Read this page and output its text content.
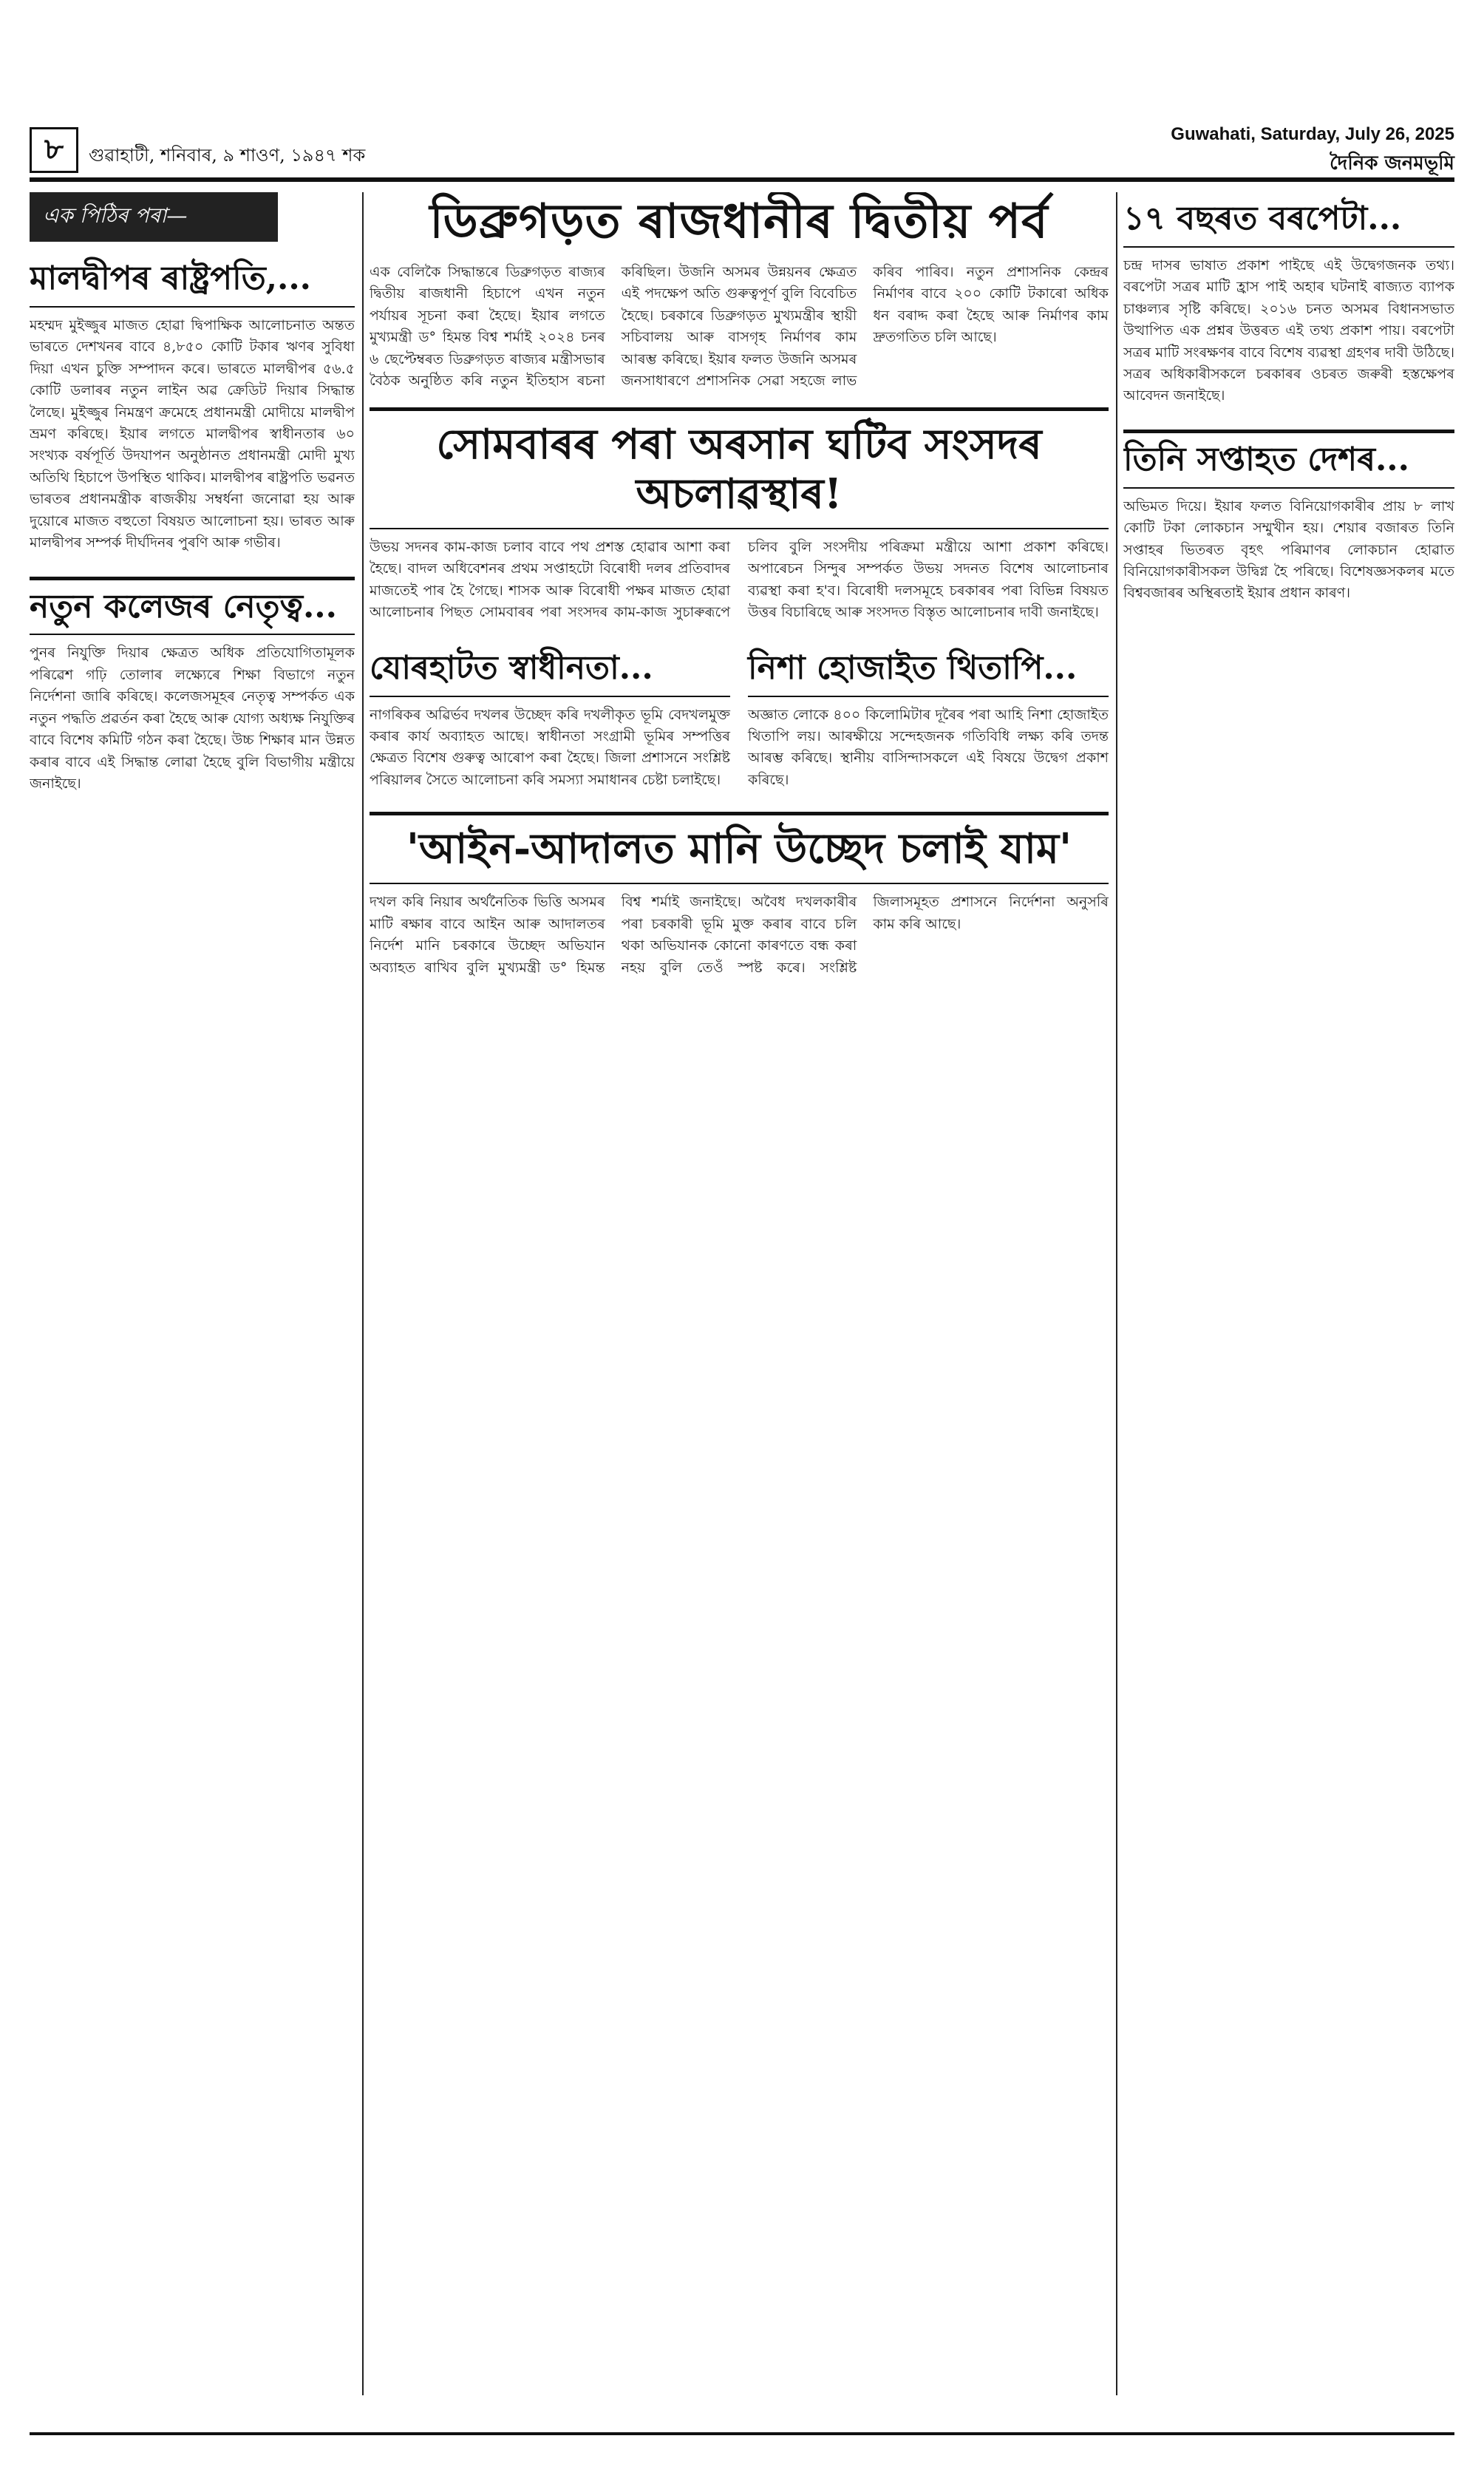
৮	গুৱাহাটী, শনিবাৰ, ৯ শাওণ, ১৯৪৭ শক
Guwahati, Saturday, July 26, 2025
দৈনিক জনমভূমি
এক পিঠিৰ পৰা—
মালদ্বীপৰ ৰাষ্ট্ৰপতি,...

মহম্মদ মুইজ্জুৰ মাজত হোৱা দ্বিপাক্ষিক আলোচনাত অন্তত ভাৰতে দেশখনৰ বাবে ৪,৮৫০ কোটি টকাৰ ঋণৰ সুবিধা দিয়া এখন চুক্তি সম্পাদন কৰে। ভাৰতে মালদ্বীপৰ ৫৬.৫ কোটি ডলাৰৰ নতুন লাইন অৱ ক্ৰেডিট দিয়াৰ সিদ্ধান্ত লৈছে। মুইজ্জুৰ নিমন্ত্ৰণ ক্ৰমেহে প্ৰধানমন্ত্ৰী মোদীয়ে মালদ্বীপ ভ্ৰমণ কৰিছে। ইয়াৰ লগতে মালদ্বীপৰ স্বাধীনতাৰ ৬০ সংখ্যক বৰ্ষপূৰ্তি উদযাপন অনুষ্ঠানত প্ৰধানমন্ত্ৰী মোদী মুখ্য অতিথি হিচাপে উপস্থিত থাকিব। মালদ্বীপৰ ৰাষ্ট্ৰপতি ভৱনত ভাৰতৰ প্ৰধানমন্ত্ৰীক ৰাজকীয় সম্বৰ্ধনা জনোৱা হয় আৰু দুয়োৰে মাজত বহুতো বিষয়ত আলোচনা হয়। ভাৰত আৰু মালদ্বীপৰ সম্পৰ্ক দীৰ্ঘদিনৰ পুৰণি আৰু গভীৰ।

নতুন কলেজৰ নেতৃত্ব...

পুনৰ নিযুক্তি দিয়াৰ ক্ষেত্ৰত অধিক প্ৰতিযোগিতামূলক পৰিৱেশ গঢ়ি তোলাৰ লক্ষ্যেৰে শিক্ষা বিভাগে নতুন নিৰ্দেশনা জাৰি কৰিছে। কলেজসমূহৰ নেতৃত্ব সম্পৰ্কত এক নতুন পদ্ধতি প্ৰৱৰ্তন কৰা হৈছে আৰু যোগ্য অধ্যক্ষ নিযুক্তিৰ বাবে বিশেষ কমিটি গঠন কৰা হৈছে। উচ্চ শিক্ষাৰ মান উন্নত কৰাৰ বাবে এই সিদ্ধান্ত লোৱা হৈছে বুলি বিভাগীয় মন্ত্ৰীয়ে জনাইছে।

ডিব্ৰুগড়ত ৰাজধানীৰ দ্বিতীয় পৰ্ব

এক বেলিকৈ সিদ্ধান্তৰে ডিব্ৰুগড়ত ৰাজ্যৰ দ্বিতীয় ৰাজধানী হিচাপে এখন নতুন পৰ্যায়ৰ সূচনা কৰা হৈছে। ইয়াৰ লগতে মুখ্যমন্ত্ৰী ড° হিমন্ত বিশ্ব শৰ্মাই ২০২৪ চনৰ ৬ ছেপ্টেম্বৰত ডিব্ৰুগড়ত ৰাজ্যৰ মন্ত্ৰীসভাৰ বৈঠক অনুষ্ঠিত কৰি নতুন ইতিহাস ৰচনা কৰিছিল। উজনি অসমৰ উন্নয়নৰ ক্ষেত্ৰত এই পদক্ষেপ অতি গুৰুত্বপূৰ্ণ বুলি বিবেচিত হৈছে। চৰকাৰে ডিব্ৰুগড়ত মুখ্যমন্ত্ৰীৰ স্থায়ী সচিবালয় আৰু বাসগৃহ নিৰ্মাণৰ কাম আৰম্ভ কৰিছে। ইয়াৰ ফলত উজনি অসমৰ জনসাধাৰণে প্ৰশাসনিক সেৱা সহজে লাভ কৰিব পাৰিব। নতুন প্ৰশাসনিক কেন্দ্ৰৰ নিৰ্মাণৰ বাবে ২০০ কোটি টকাৰো অধিক ধন বৰাদ্দ কৰা হৈছে আৰু নিৰ্মাণৰ কাম দ্ৰুতগতিত চলি আছে।

সোমবাৰৰ পৰা অৰসান ঘটিব সংসদৰ অচলাৱস্থাৰ!

উভয় সদনৰ কাম-কাজ চলাব বাবে পথ প্ৰশস্ত হোৱাৰ আশা কৰা হৈছে। বাদল অধিবেশনৰ প্ৰথম সপ্তাহটো বিৰোধী দলৰ প্ৰতিবাদৰ মাজতেই পাৰ হৈ গৈছে। শাসক আৰু বিৰোধী পক্ষৰ মাজত হোৱা আলোচনাৰ পিছত সোমবাৰৰ পৰা সংসদৰ কাম-কাজ সুচাৰুৰূপে চলিব বুলি সংসদীয় পৰিক্ৰমা মন্ত্ৰীয়ে আশা প্ৰকাশ কৰিছে। অপাৰেচন সিন্দুৰ সম্পৰ্কত উভয় সদনত বিশেষ আলোচনাৰ ব্যৱস্থা কৰা হ'ব। বিৰোধী দলসমূহে চৰকাৰৰ পৰা বিভিন্ন বিষয়ত উত্তৰ বিচাৰিছে আৰু সংসদত বিস্তৃত আলোচনাৰ দাবী জনাইছে।

যোৰহাটত স্বাধীনতা...

নাগৰিকৰ অৱিৰ্ভব দখলৰ উচ্ছেদ কৰি দখলীকৃত ভূমি বেদখলমুক্ত কৰাৰ কাৰ্য অব্যাহত আছে। স্বাধীনতা সংগ্ৰামী ভূমিৰ সম্পত্তিৰ ক্ষেত্ৰত বিশেষ গুৰুত্ব আৰোপ কৰা হৈছে। জিলা প্ৰশাসনে সংশ্লিষ্ট পৰিয়ালৰ সৈতে আলোচনা কৰি সমস্যা সমাধানৰ চেষ্টা চলাইছে।

নিশা হোজাইত থিতাপি...

অজ্ঞাত লোকে ৪০০ কিলোমিটাৰ দূৰৈৰ পৰা আহি নিশা হোজাইত থিতাপি লয়। আৰক্ষীয়ে সন্দেহজনক গতিবিধি লক্ষ্য কৰি তদন্ত আৰম্ভ কৰিছে। স্থানীয় বাসিন্দাসকলে এই বিষয়ে উদ্বেগ প্ৰকাশ কৰিছে।

'আইন-আদালত মানি উচ্ছেদ চলাই যাম'

দখল কৰি নিয়াৰ অৰ্থনৈতিক ভিত্তি অসমৰ মাটি ৰক্ষাৰ বাবে আইন আৰু আদালতৰ নিৰ্দেশ মানি চৰকাৰে উচ্ছেদ অভিযান অব্যাহত ৰাখিব বুলি মুখ্যমন্ত্ৰী ড° হিমন্ত বিশ্ব শৰ্মাই জনাইছে। অবৈধ দখলকাৰীৰ পৰা চৰকাৰী ভূমি মুক্ত কৰাৰ বাবে চলি থকা অভিযানক কোনো কাৰণতে বন্ধ কৰা নহয় বুলি তেওঁ স্পষ্ট কৰে। সংশ্লিষ্ট জিলাসমূহত প্ৰশাসনে নিৰ্দেশনা অনুসৰি কাম কৰি আছে।

১৭ বছৰত বৰপেটা...

চন্দ্ৰ দাসৰ ভাষাত প্ৰকাশ পাইছে এই উদ্বেগজনক তথ্য। বৰপেটা সত্ৰৰ মাটি হ্ৰাস পাই অহাৰ ঘটনাই ৰাজ্যত ব্যাপক চাঞ্চল্যৰ সৃষ্টি কৰিছে। ২০১৬ চনত অসমৰ বিধানসভাত উত্থাপিত এক প্ৰশ্নৰ উত্তৰত এই তথ্য প্ৰকাশ পায়। বৰপেটা সত্ৰৰ মাটি সংৰক্ষণৰ বাবে বিশেষ ব্যৱস্থা গ্ৰহণৰ দাবী উঠিছে। সত্ৰৰ অধিকাৰীসকলে চৰকাৰৰ ওচৰত জৰুৰী হস্তক্ষেপৰ আবেদন জনাইছে।

তিনি সপ্তাহত দেশৰ...

অভিমত দিয়ে। ইয়াৰ ফলত বিনিয়োগকাৰীৰ প্ৰায় ৮ লাখ কোটি টকা লোকচান সম্মুখীন হয়। শেয়াৰ বজাৰত তিনি সপ্তাহৰ ভিতৰত বৃহৎ পৰিমাণৰ লোকচান হোৱাত বিনিয়োগকাৰীসকল উদ্বিগ্ন হৈ পৰিছে। বিশেষজ্ঞসকলৰ মতে বিশ্ববজাৰৰ অস্থিৰতাই ইয়াৰ প্ৰধান কাৰণ।
